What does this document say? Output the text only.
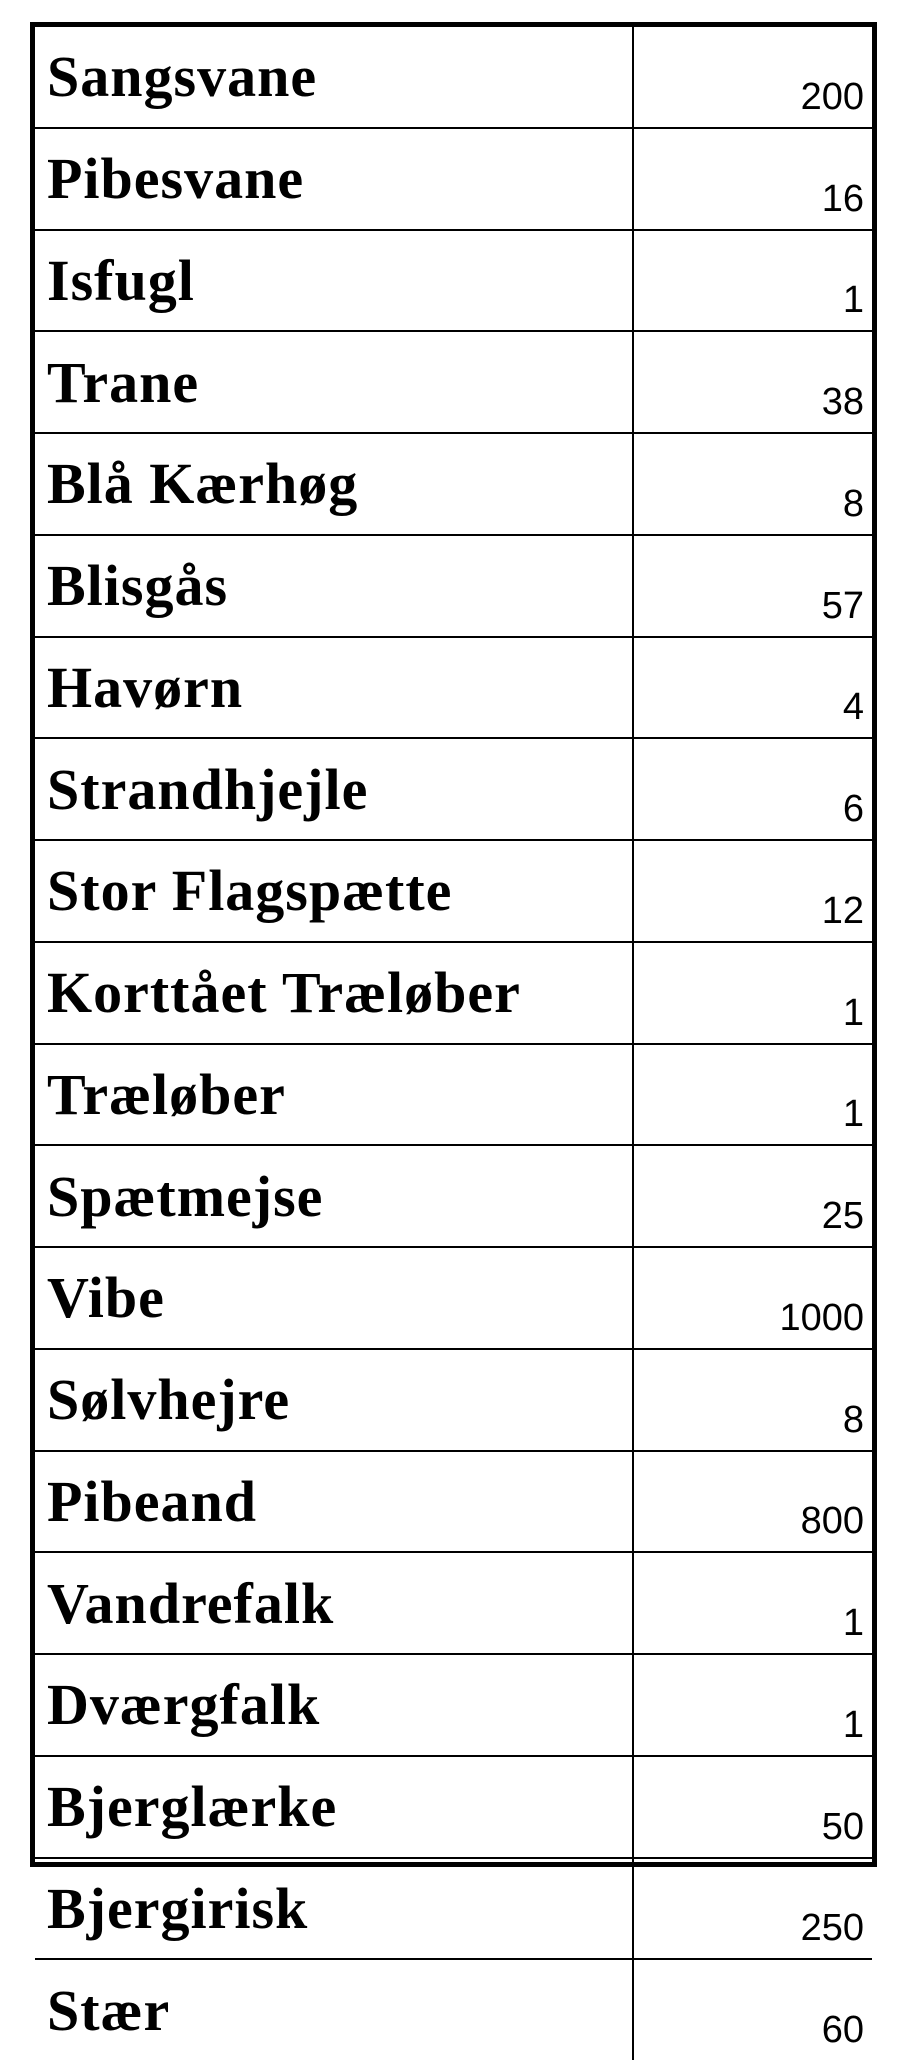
Sangsvane	200
Pibesvane	16
Isfugl	1
Trane	38
Blå Kærhøg	8
Blisgås	57
Havørn	4
Strandhjejle	6
Stor Flagspætte	12
Korttået Træløber	1
Træløber	1
Spætmejse	25
Vibe	1000
Sølvhejre	8
Pibeand	800
Vandrefalk	1
Dværgfalk	1
Bjerglærke	50
Bjergirisk	250
Stær	60
